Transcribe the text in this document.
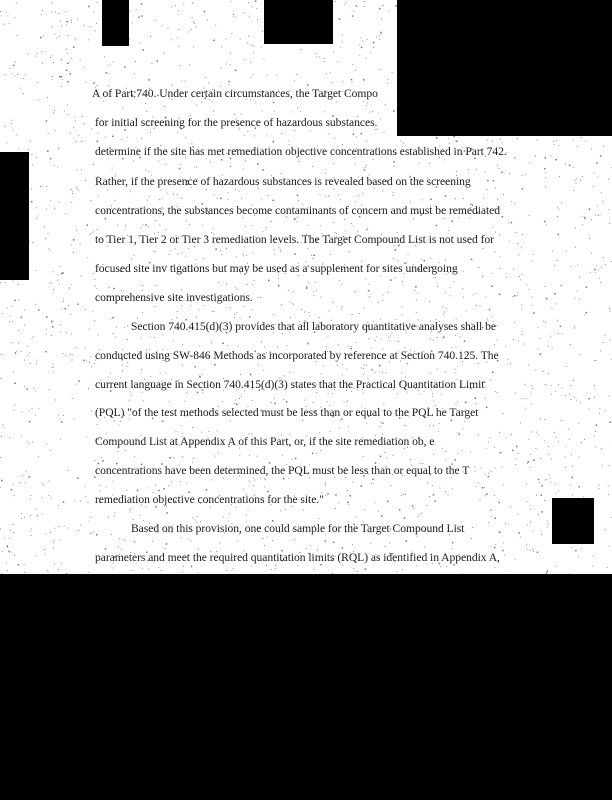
A of Part 740. Under certain circumstances, the Target Compo
for initial screening for the presence of hazardous substances.
determine if the site has met remediation objective concentrations established in Part 742.
Rather, if the presence of hazardous substances is revealed based on the screening
concentrations, the substances become contaminants of concern and must be remediated
to Tier 1, Tier 2 or Tier 3 remediation levels. The Target Compound List is not used for
focused site inv tigations but may be used as a supplement for sites undergoing
comprehensive site investigations.
Section 740.415(d)(3) provides that all laboratory quantitative analyses shall be
conducted using SW-846 Methods as incorporated by reference at Section 740.125. The
current language in Section 740.415(d)(3) states that the Practical Quantitation Limit
(PQL) "of the test methods selected must be less than or equal to the PQL he Target
Compound List at Appendix A of this Part, or, if the site remediation ob, e
concentrations have been determined, the PQL must be less than or equal to the T
remediation objective concentrations for the site."
Based on this provision, one could sample for the Target Compound List
parameters and meet the required quantitation limits (RQL) as identified in Appendix A,
